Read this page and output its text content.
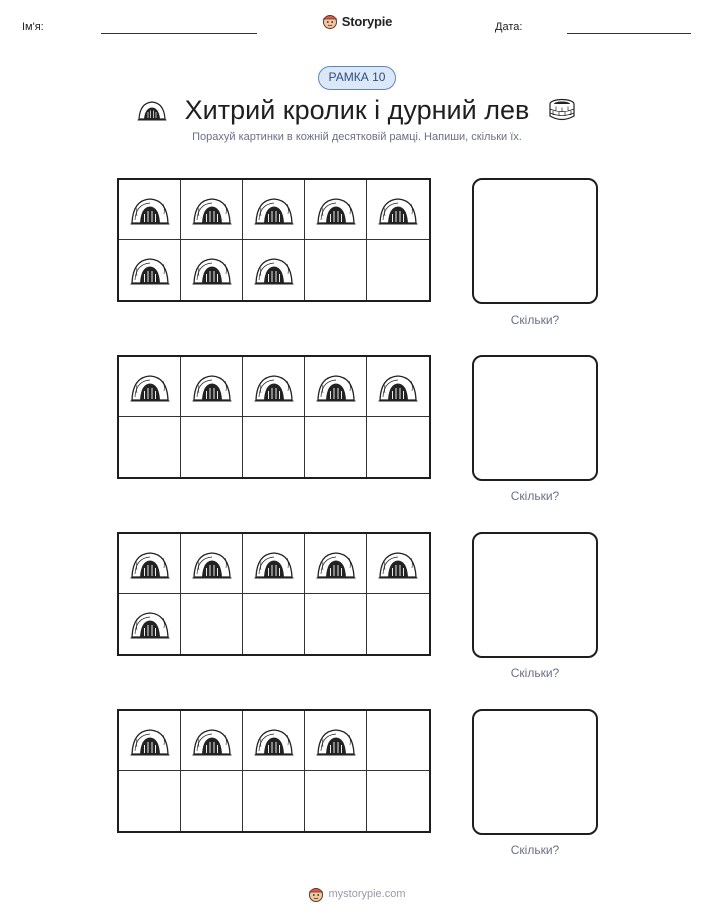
Ім'я:	Storypie	Дата:
РАМКА 10
Хитрий кролик і дурний лев
Порахуй картинки в кожній десятковій рамці. Напиши, скільки їх.
Скільки?
Скільки?
Скільки?
Скільки?
mystorypie.com
